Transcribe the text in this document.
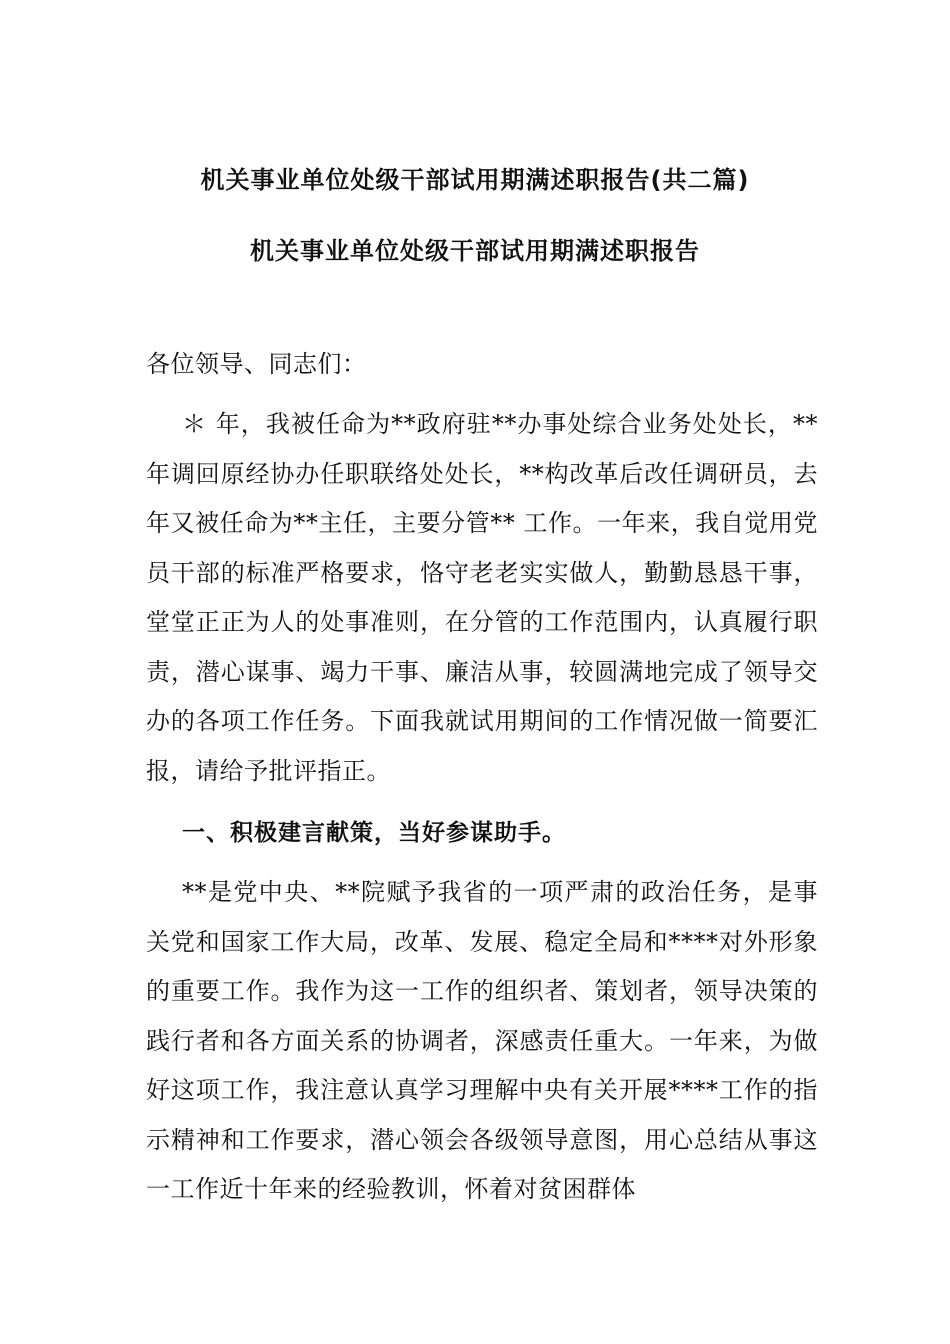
机关事业单位处级干部试用期满述职报告(共二篇)
机关事业单位处级干部试用期满述职报告
各位领导、同志们：
＊ 年，我被任命为**政府驻**办事处综合业务处处长，**年调回原经协办任职联络处处长，**构改革后改任调研员，去年又被任命为**主任，主要分管** 工作。一年来，我自觉用党员干部的标准严格要求，恪守老老实实做人，勤勤恳恳干事，堂堂正正为人的处事准则，在分管的工作范围内，认真履行职责，潜心谋事、竭力干事、廉洁从事，较圆满地完成了领导交办的各项工作任务。下面我就试用期间的工作情况做一简要汇报，请给予批评指正。
一、积极建言献策，当好参谋助手。
**是党中央、**院赋予我省的一项严肃的政治任务，是事关党和国家工作大局，改革、发展、稳定全局和****对外形象的重要工作。我作为这一工作的组织者、策划者，领导决策的践行者和各方面关系的协调者，深感责任重大。一年来，为做好这项工作，我注意认真学习理解中央有关开展****工作的指示精神和工作要求，潜心领会各级领导意图，用心总结从事这一工作近十年来的经验教训，怀着对贫困群体
